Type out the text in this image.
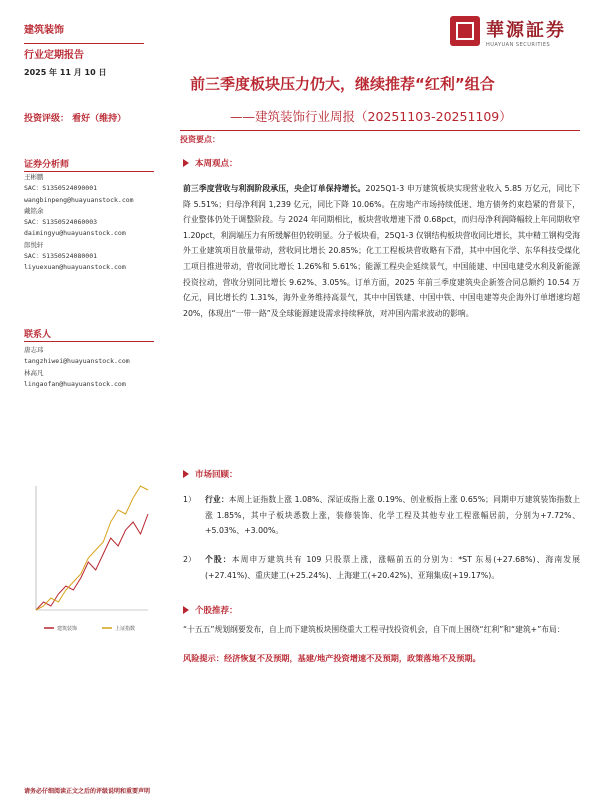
建筑装饰
行业定期报告
華源証券
HUAYUAN SECURITIES
2025 年 11 月 10 日
前三季度板块压力仍大，继续推荐“红利”组合
——建筑装饰行业周报（20251103-20251109）
投资评级： 看好（维持）
投资要点：
证券分析师
王彬鹏
SAC：S1350524090001
wangbinpeng@huayuanstock.com
戴铭余
SAC：S1350524060003
daimingyu@huayuanstock.com
郎悦轩
SAC：S1350524080001
liyuexuan@huayuanstock.com
联系人
唐志玮
tangzhiwei@huayuanstock.com
林高凡
lingaofan@huayuanstock.com
建筑装饰	上证指数
本周观点：
前三季度营收与利润阶段承压，央企订单保持增长。2025Q1-3 申万建筑板块实现营业收入 5.85 万亿元，同比下降 5.51%；归母净利润 1,239 亿元，同比下降 10.06%。在房地产市场持续低迷、地方债务约束趋紧的背景下，行业整体仍处于调整阶段。与 2024 年同期相比，板块营收增速下滑 0.68pct，而归母净利润降幅较上年同期收窄 1.20pct，利润端压力有所缓解但仍较明显。分子板块看，25Q1-3 仅钢结构板块营收同比增长，其中精工钢构受海外工业建筑项目放量带动，营收同比增长 20.85%；化工工程板块营收略有下滑，其中中国化学、东华科技受煤化工项目推进带动，营收同比增长 1.26%和 5.61%；能源工程央企延续景气，中国能建、中国电建受水利及新能源投资拉动，营收分别同比增长 9.62%、3.05%。订单方面，2025 年前三季度建筑央企新签合同总额约 10.54 万亿元，同比增长约 1.31%，海外业务维持高景气，其中中国铁建、中国中铁、中国电建等央企海外订单增速均超 20%，体现出“一带一路”及全球能源建设需求持续释放，对冲国内需求波动的影响。
市场回顾：
1） 行业：本周上证指数上涨 1.08%、深证成指上涨 0.19%、创业板指上涨 0.65%；同期申万建筑装饰指数上涨 1.85%，其中子板块悉数上涨，装修装饰、化学工程及其他专业工程涨幅居前，分别为+7.72%、+5.03%、+3.00%。
2） 个股：本周申万建筑共有 109 只股票上涨，涨幅前五的分别为：*ST 东易(+27.68%)、海南发展(+27.41%)、重庆建工(+25.24%)、上海建工(+20.42%)、亚翔集成(+19.17%)。
个股推荐：
“十五五”规划纲要发布，自上而下建筑板块围绕重大工程寻找投资机会，自下而上围绕“红利”和“建筑+”布局：
风险提示：经济恢复不及预期，基建/地产投资增速不及预期，政策落地不及预期。
请务必仔细阅读正文之后的评级说明和重要声明
